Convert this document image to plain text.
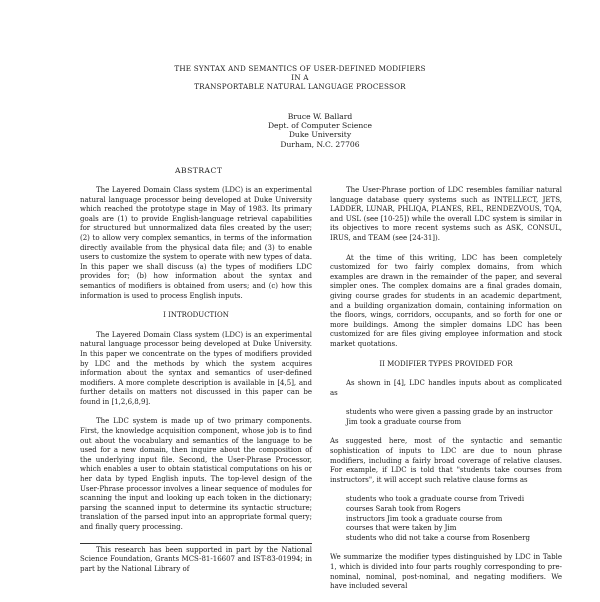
THE SYNTAX AND SEMANTICS OF USER-DEFINED MODIFIERS
IN A
TRANSPORTABLE NATURAL LANGUAGE PROCESSOR
Bruce W. Ballard
Dept. of Computer Science
Duke University
Durham, N.C. 27706
ABSTRACT

The Layered Domain Class system (LDC) is an experimental natural language processor being developed at Duke University which reached the prototype stage in May of 1983. Its primary goals are (1) to provide English-language retrieval capabilities for structured but unnormalized data files created by the user; (2) to allow very complex semantics, in terms of the information directly available from the physical data file; and (3) to enable users to customize the system to operate with new types of data. In this paper we shall discuss (a) the types of modifiers LDC provides for; (b) how information about the syntax and semantics of modifiers is obtained from users; and (c) how this information is used to process English inputs.

I INTRODUCTION

The Layered Domain Class system (LDC) is an experimental natural language processor being developed at Duke University. In this paper we concentrate on the types of modifiers provided by LDC and the methods by which the system acquires information about the syntax and semantics of user-defined modifiers. A more complete description is available in [4,5], and further details on matters not discussed in this paper can be found in [1,2,6,8,9].

The LDC system is made up of two primary components. First, the knowledge acquisition component, whose job is to find out about the vocabulary and semantics of the language to be used for a new domain, then inquire about the composition of the underlying input file. Second, the User-Phrase Processor, which enables a user to obtain statistical computations on his or her data by typed English inputs. The top-level design of the User-Phrase processor involves a linear sequence of modules for scanning the input and looking up each token in the dictionary; parsing the scanned input to determine its syntactic structure; translation of the parsed input into an appropriate formal query; and finally query processing.

This research has been supported in part by the National Science Foundation, Grants MCS-81-16607 and IST-83-01994; in part by the National Library of

The User-Phrase portion of LDC resembles familiar natural language database query systems such as INTELLECT, JETS, LADDER, LUNAR, PHLIQA, PLANES, REL, RENDEZVOUS, TQA, and USL (see [10-25]) while the overall LDC system is similar in its objectives to more recent systems such as ASK, CONSUL, IRUS, and TEAM (see [24-31]).

At the time of this writing, LDC has been completely customized for two fairly complex domains, from which examples are drawn in the remainder of the paper, and several simpler ones. The complex domains are a final grades domain, giving course grades for students in an academic department, and a building organization domain, containing information on the floors, wings, corridors, occupants, and so forth for one or more buildings. Among the simpler domains LDC has been customized for are files giving employee information and stock market quotations.

II MODIFIER TYPES PROVIDED FOR

As shown in [4], LDC handles inputs about as complicated as

students who were given a passing grade by an instructor Jim took a graduate course from

As suggested here, most of the syntactic and semantic sophistication of inputs to LDC are due to noun phrase modifiers, including a fairly broad coverage of relative clauses. For example, if LDC is told that "students take courses from instructors", it will accept such relative clause forms as

students who took a graduate course from Trivedi
courses Sarah took from Rogers
instructors Jim took a graduate course from
courses that were taken by Jim
students who did not take a course from Rosenberg

We summarize the modifier types distinguished by LDC in Table 1, which is divided into four parts roughly corresponding to pre-nominal, nominal, post-nominal, and negating modifiers. We have included several
